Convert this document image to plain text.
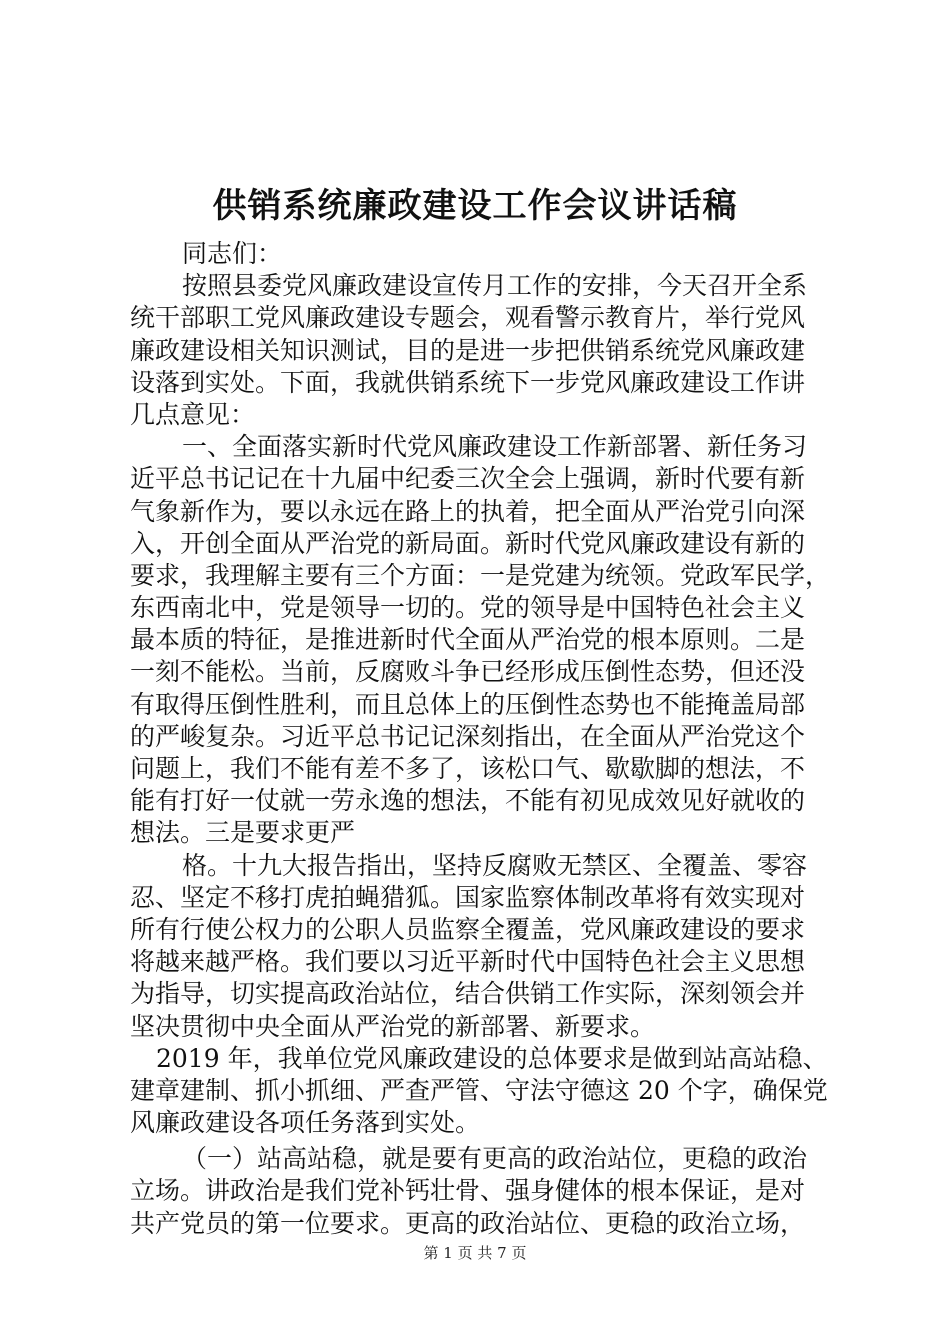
供销系统廉政建设工作会议讲话稿
同志们：
按照县委党风廉政建设宣传月工作的安排，今天召开全系
统干部职工党风廉政建设专题会，观看警示教育片，举行党风
廉政建设相关知识测试，目的是进一步把供销系统党风廉政建
设落到实处。下面，我就供销系统下一步党风廉政建设工作讲
几点意见：
一、全面落实新时代党风廉政建设工作新部署、新任务习
近平总书记记在十九届中纪委三次全会上强调，新时代要有新
气象新作为，要以永远在路上的执着，把全面从严治党引向深
入，开创全面从严治党的新局面。新时代党风廉政建设有新的
要求，我理解主要有三个方面：一是党建为统领。党政军民学，
东西南北中，党是领导一切的。党的领导是中国特色社会主义
最本质的特征，是推进新时代全面从严治党的根本原则。二是
一刻不能松。当前，反腐败斗争已经形成压倒性态势，但还没
有取得压倒性胜利，而且总体上的压倒性态势也不能掩盖局部
的严峻复杂。习近平总书记记深刻指出，在全面从严治党这个
问题上，我们不能有差不多了，该松口气、歇歇脚的想法，不
能有打好一仗就一劳永逸的想法，不能有初见成效见好就收的
想法。三是要求更严
格。十九大报告指出，坚持反腐败无禁区、全覆盖、零容
忍、坚定不移打虎拍蝇猎狐。国家监察体制改革将有效实现对
所有行使公权力的公职人员监察全覆盖，党风廉政建设的要求
将越来越严格。我们要以习近平新时代中国特色社会主义思想
为指导，切实提高政治站位，结合供销工作实际，深刻领会并
坚决贯彻中央全面从严治党的新部署、新要求。
2019 年，我单位党风廉政建设的总体要求是做到站高站稳、
建章建制、抓小抓细、严查严管、守法守德这 20 个字，确保党
风廉政建设各项任务落到实处。
（一）站高站稳，就是要有更高的政治站位，更稳的政治
立场。讲政治是我们党补钙壮骨、强身健体的根本保证，是对
共产党员的第一位要求。更高的政治站位、更稳的政治立场，
第 1 页 共 7 页
